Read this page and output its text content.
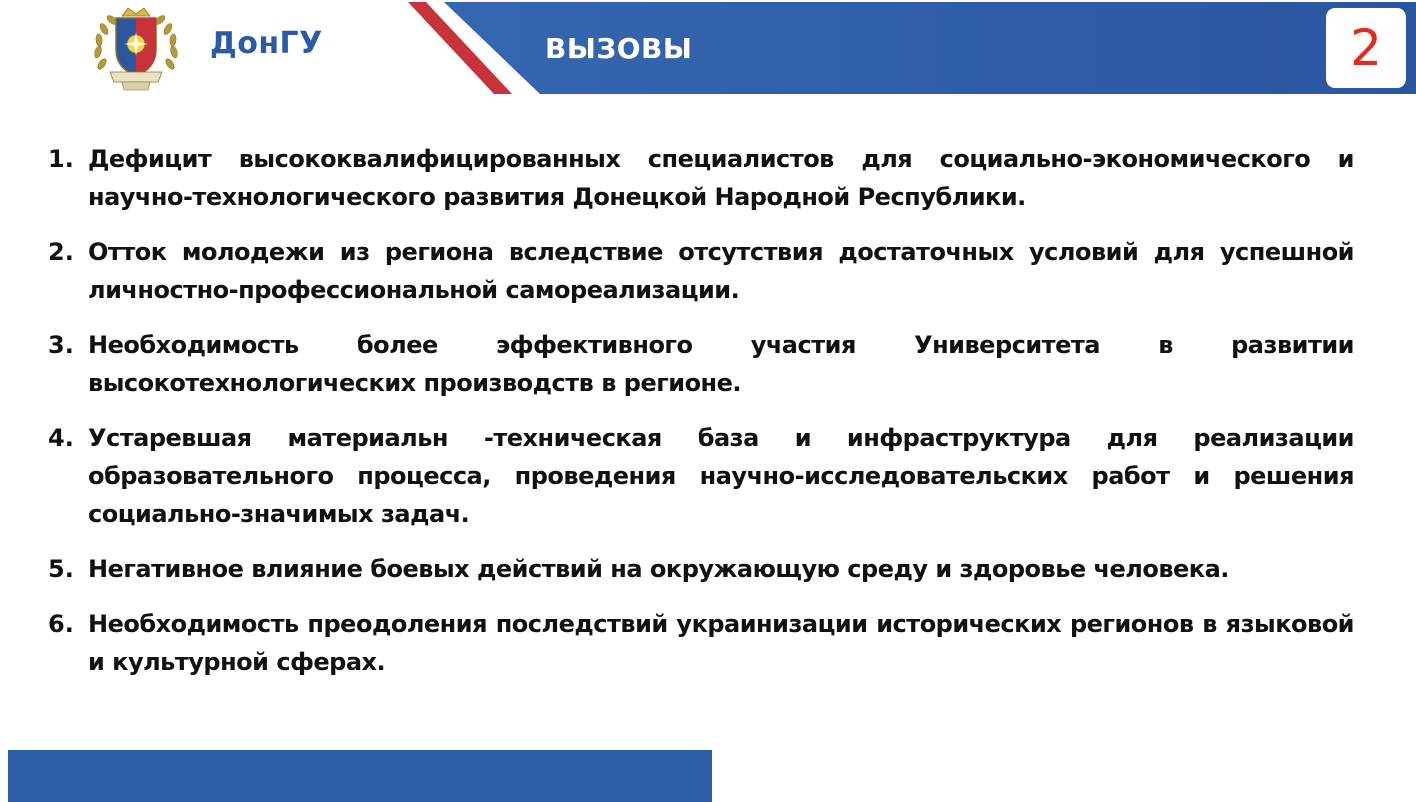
ДонГУ	ВЫЗОВЫ	2
1. Дефицит высококвалифицированных специалистов для социально-экономического и научно-технологического развития Донецкой Народной Республики.
2. Отток молодежи из региона вследствие отсутствия достаточных условий для успешной личностно-профессиональной самореализации.
3. Необходимость более эффективного участия Университета в развитии высокотехнологических производств в регионе.
4. Устаревшая материальн -техническая база и инфраструктура для реализации образовательного процесса, проведения научно-исследовательских работ и решения социально-значимых задач.
5. Негативное влияние боевых действий на окружающую среду и здоровье человека.
6. Необходимость преодоления последствий украинизации исторических регионов в языковой и культурной сферах.
